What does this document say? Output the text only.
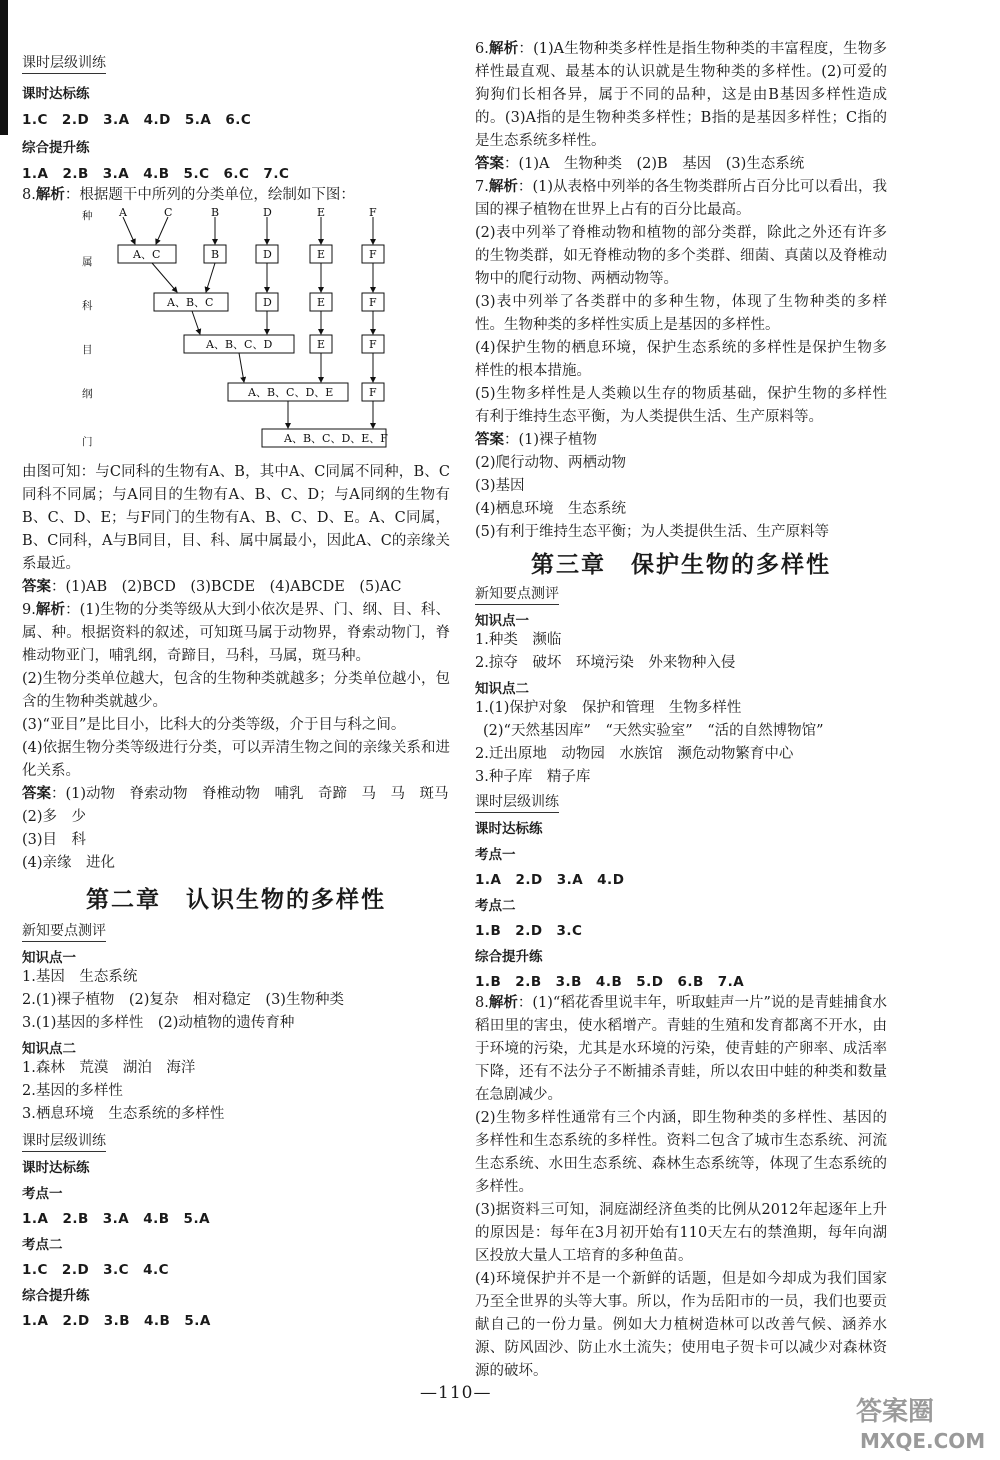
课时层级训练
课时达标练
1.C　2.D　3.A　4.D　5.A　6.C
综合提升练
1.A　2.B　3.A　4.B　5.C　6.C　7.C
8.解析：根据题干中所列的分类单位，绘制如下图：
种
属
科
目
纲
门
A	C	B	D	E	F
A、C	B	D	E	F
A、B、C	D	E	F
A、B、C、D	E	F
A、B、C、D、E	F
A、B、C、D、E、F
由图可知：与C同科的生物有A、B，其中A、C同属不同种，B、C同科不同属；与A同目的生物有A、B、C、D；与A同纲的生物有B、C、D、E；与F同门的生物有A、B、C、D、E。A、C同属，B、C同科，A与B同目，目、科、属中属最小，因此A、C的亲缘关系最近。
答案：(1)AB　(2)BCD　(3)BCDE　(4)ABCDE　(5)AC
9.解析：(1)生物的分类等级从大到小依次是界、门、纲、目、科、属、种。根据资料的叙述，可知斑马属于动物界，脊索动物门，脊椎动物亚门，哺乳纲，奇蹄目，马科，马属，斑马种。
(2)生物分类单位越大，包含的生物种类就越多；分类单位越小，包含的生物种类就越少。
(3)“亚目”是比目小，比科大的分类等级，介于目与科之间。
(4)依据生物分类等级进行分类，可以弄清生物之间的亲缘关系和进化关系。
答案：(1)动物　脊索动物　脊椎动物　哺乳　奇蹄　马　马　斑马
(2)多　少
(3)目　科
(4)亲缘　进化
第二章　认识生物的多样性
新知要点测评
知识点一
1.基因　生态系统
2.(1)裸子植物　(2)复杂　相对稳定　(3)生物种类
3.(1)基因的多样性　(2)动植物的遗传育种
知识点二
1.森林　荒漠　湖泊　海洋
2.基因的多样性
3.栖息环境　生态系统的多样性
课时层级训练
课时达标练
考点一
1.A　2.B　3.A　4.B　5.A
考点二
1.C　2.D　3.C　4.C
综合提升练
1.A　2.D　3.B　4.B　5.A
6.解析：(1)A生物种类多样性是指生物种类的丰富程度，生物多样性最直观、最基本的认识就是生物种类的多样性。(2)可爱的狗狗们长相各异，属于不同的品种，这是由B基因多样性造成的。(3)A指的是生物种类多样性；B指的是基因多样性；C指的是生态系统多样性。
答案：(1)A　生物种类　(2)B　基因　(3)生态系统
7.解析：(1)从表格中列举的各生物类群所占百分比可以看出，我国的裸子植物在世界上占有的百分比最高。
(2)表中列举了脊椎动物和植物的部分类群，除此之外还有许多的生物类群，如无脊椎动物的多个类群、细菌、真菌以及脊椎动物中的爬行动物、两栖动物等。
(3)表中列举了各类群中的多种生物，体现了生物种类的多样性。生物种类的多样性实质上是基因的多样性。
(4)保护生物的栖息环境，保护生态系统的多样性是保护生物多样性的根本措施。
(5)生物多样性是人类赖以生存的物质基础，保护生物的多样性有利于维持生态平衡，为人类提供生活、生产原料等。
答案：(1)裸子植物
(2)爬行动物、两栖动物
(3)基因
(4)栖息环境　生态系统
(5)有利于维持生态平衡；为人类提供生活、生产原料等
第三章　保护生物的多样性
新知要点测评
知识点一
1.种类　濒临
2.掠夺　破坏　环境污染　外来物种入侵
知识点二
1.(1)保护对象　保护和管理　生物多样性
(2)“天然基因库”　“天然实验室”　“活的自然博物馆”
2.迁出原地　动物园　水族馆　濒危动物繁育中心
3.种子库　精子库
课时层级训练
课时达标练
考点一
1.A　2.D　3.A　4.D
考点二
1.B　2.D　3.C
综合提升练
1.B　2.B　3.B　4.B　5.D　6.B　7.A
8.解析：(1)“稻花香里说丰年，听取蛙声一片”说的是青蛙捕食水稻田里的害虫，使水稻增产。青蛙的生殖和发育都离不开水，由于环境的污染，尤其是水环境的污染，使青蛙的产卵率、成活率下降，还有不法分子不断捕杀青蛙，所以农田中蛙的种类和数量在急剧减少。
(2)生物多样性通常有三个内涵，即生物种类的多样性、基因的多样性和生态系统的多样性。资料二包含了城市生态系统、河流生态系统、水田生态系统、森林生态系统等，体现了生态系统的多样性。
(3)据资料三可知，洞庭湖经济鱼类的比例从2012年起逐年上升的原因是：每年在3月初开始有110天左右的禁渔期，每年向湖区投放大量人工培育的多种鱼苗。
(4)环境保护并不是一个新鲜的话题，但是如今却成为我们国家乃至全世界的头等大事。所以，作为岳阳市的一员，我们也要贡献自己的一份力量。例如大力植树造林可以改善气候、涵养水源、防风固沙、防止水土流失；使用电子贺卡可以减少对森林资源的破坏。
—110—
答案圈
MXQE.COM
